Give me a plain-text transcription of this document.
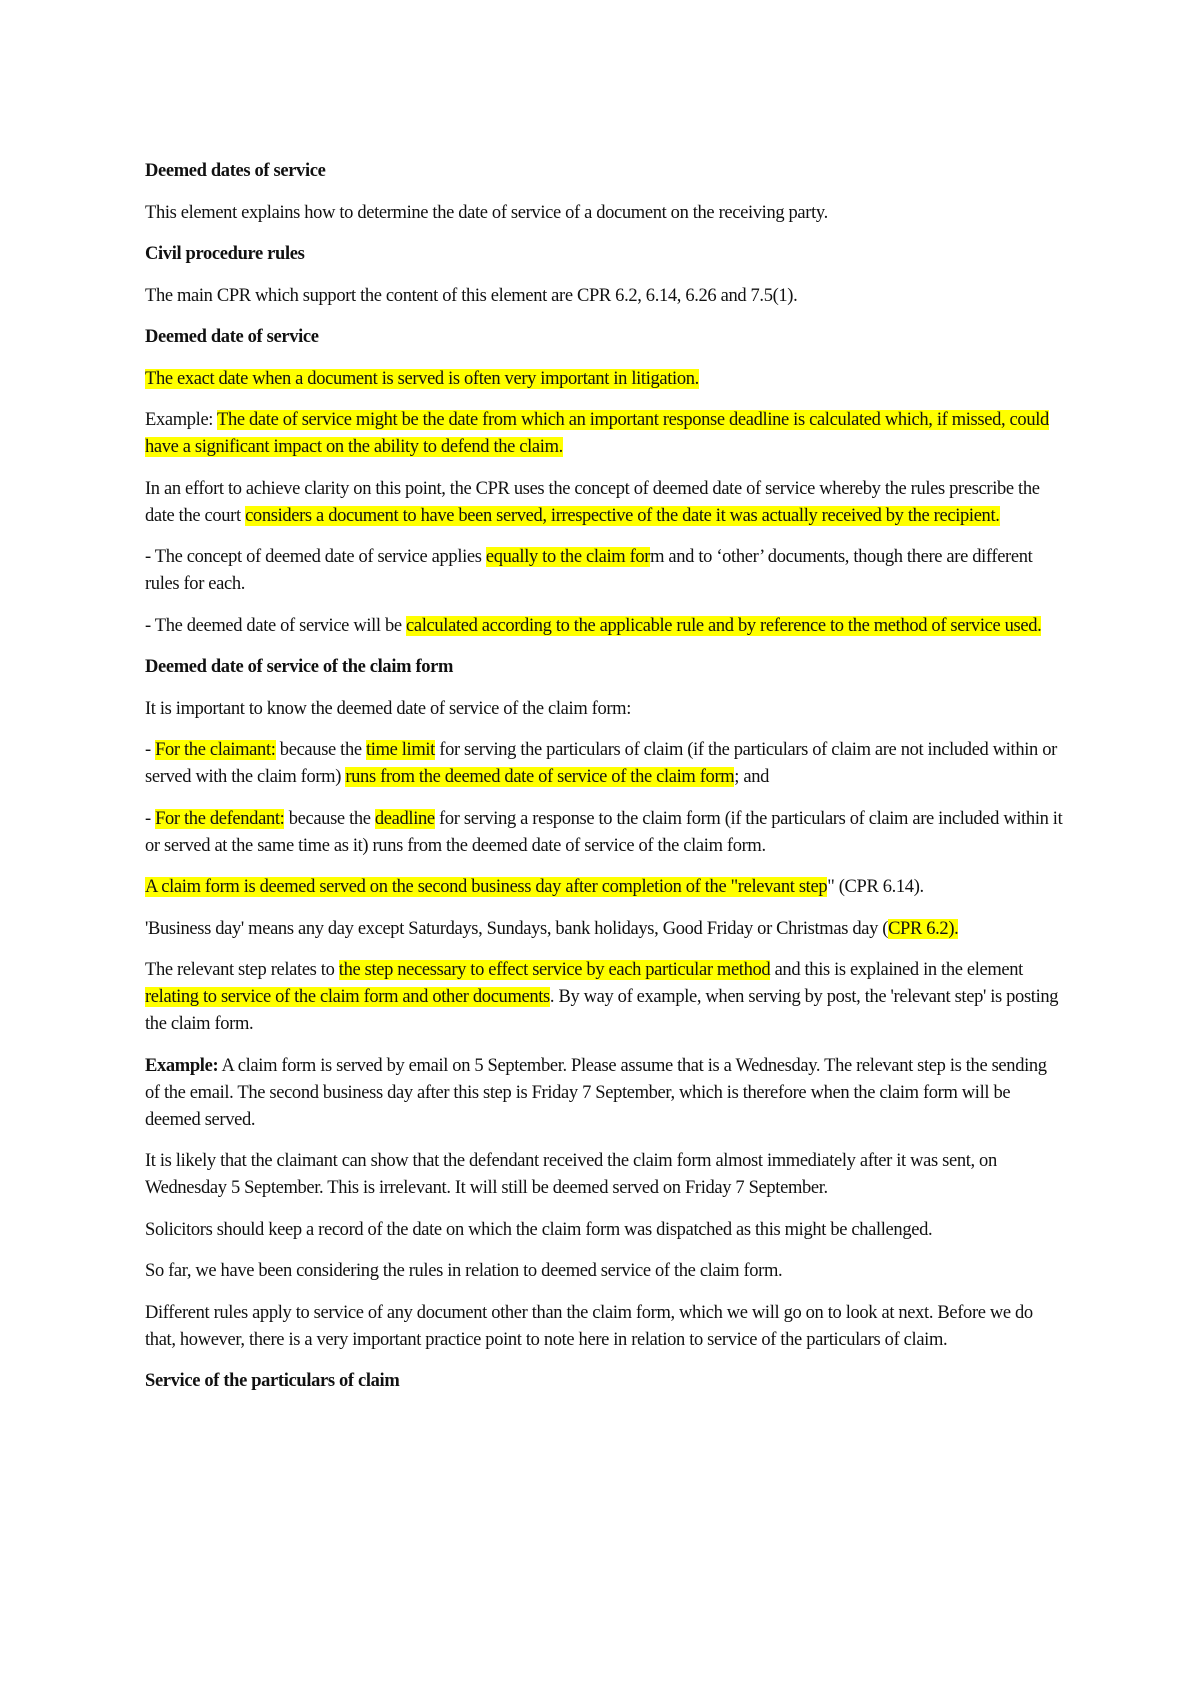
Deemed dates of service

This element explains how to determine the date of service of a document on the receiving party.

Civil procedure rules

The main CPR which support the content of this element are CPR 6.2, 6.14, 6.26 and 7.5(1).

Deemed date of service

The exact date when a document is served is often very important in litigation.

Example: The date of service might be the date from which an important response deadline is calculated which, if missed, could have a significant impact on the ability to defend the claim.

In an effort to achieve clarity on this point, the CPR uses the concept of deemed date of service whereby the rules prescribe the date the court considers a document to have been served, irrespective of the date it was actually received by the recipient.

- The concept of deemed date of service applies equally to the claim form and to ‘other’ documents, though there are different rules for each.

- The deemed date of service will be calculated according to the applicable rule and by reference to the method of service used.

Deemed date of service of the claim form

It is important to know the deemed date of service of the claim form:

- For the claimant: because the time limit for serving the particulars of claim (if the particulars of claim are not included within or served with the claim form) runs from the deemed date of service of the claim form; and

- For the defendant: because the deadline for serving a response to the claim form (if the particulars of claim are included within it or served at the same time as it) runs from the deemed date of service of the claim form.

A claim form is deemed served on the second business day after completion of the "relevant step" (CPR 6.14).

'Business day' means any day except Saturdays, Sundays, bank holidays, Good Friday or Christmas day (CPR 6.2).

The relevant step relates to the step necessary to effect service by each particular method and this is explained in the element relating to service of the claim form and other documents. By way of example, when serving by post, the 'relevant step' is posting the claim form.

Example: A claim form is served by email on 5 September. Please assume that is a Wednesday. The relevant step is the sending of the email. The second business day after this step is Friday 7 September, which is therefore when the claim form will be deemed served.

It is likely that the claimant can show that the defendant received the claim form almost immediately after it was sent, on Wednesday 5 September. This is irrelevant. It will still be deemed served on Friday 7 September.

Solicitors should keep a record of the date on which the claim form was dispatched as this might be challenged.

So far, we have been considering the rules in relation to deemed service of the claim form.

Different rules apply to service of any document other than the claim form, which we will go on to look at next. Before we do that, however, there is a very important practice point to note here in relation to service of the particulars of claim.

Service of the particulars of claim
